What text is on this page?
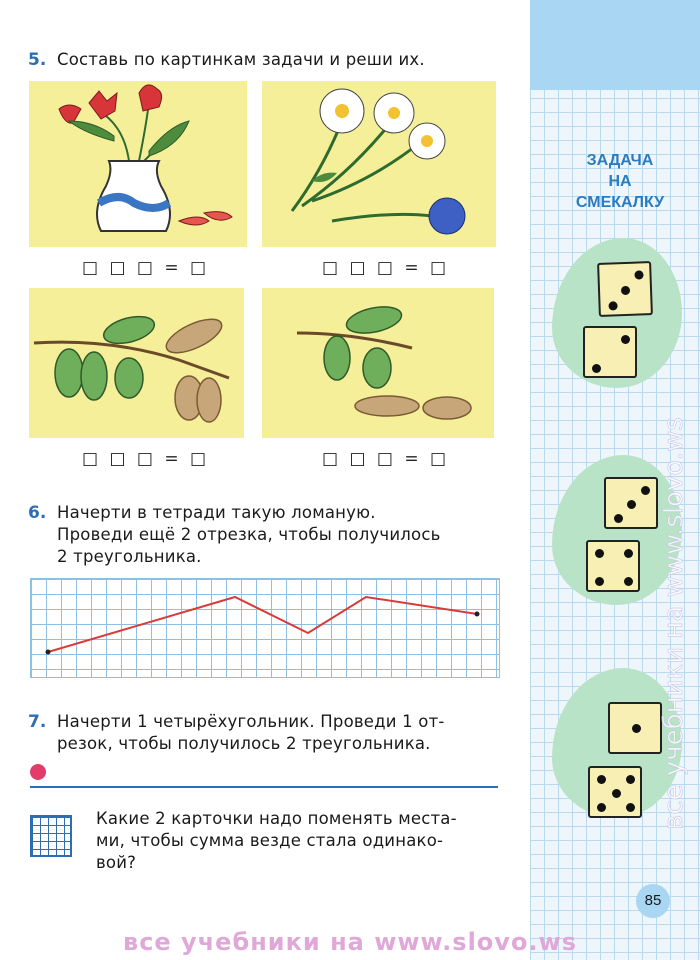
ЗАДАЧА
НА
СМЕКАЛКУ
все учебники на www.slovo.ws
5. Составь по картинкам задачи и реши их.
□ □ □ = □	□ □ □ = □
□ □ □ = □	□ □ □ = □
6. Начерти в тетради такую ломаную.
Проведи ещё 2 отрезка, чтобы получилось
2 треугольника.
7. Начерти 1 четырёхугольник. Проведи 1 от-
резок, чтобы получилось 2 треугольника.
Какие 2 карточки надо поменять места-
ми, чтобы сумма везде стала одинако-
вой?
85
все учебники на www.slovo.ws
